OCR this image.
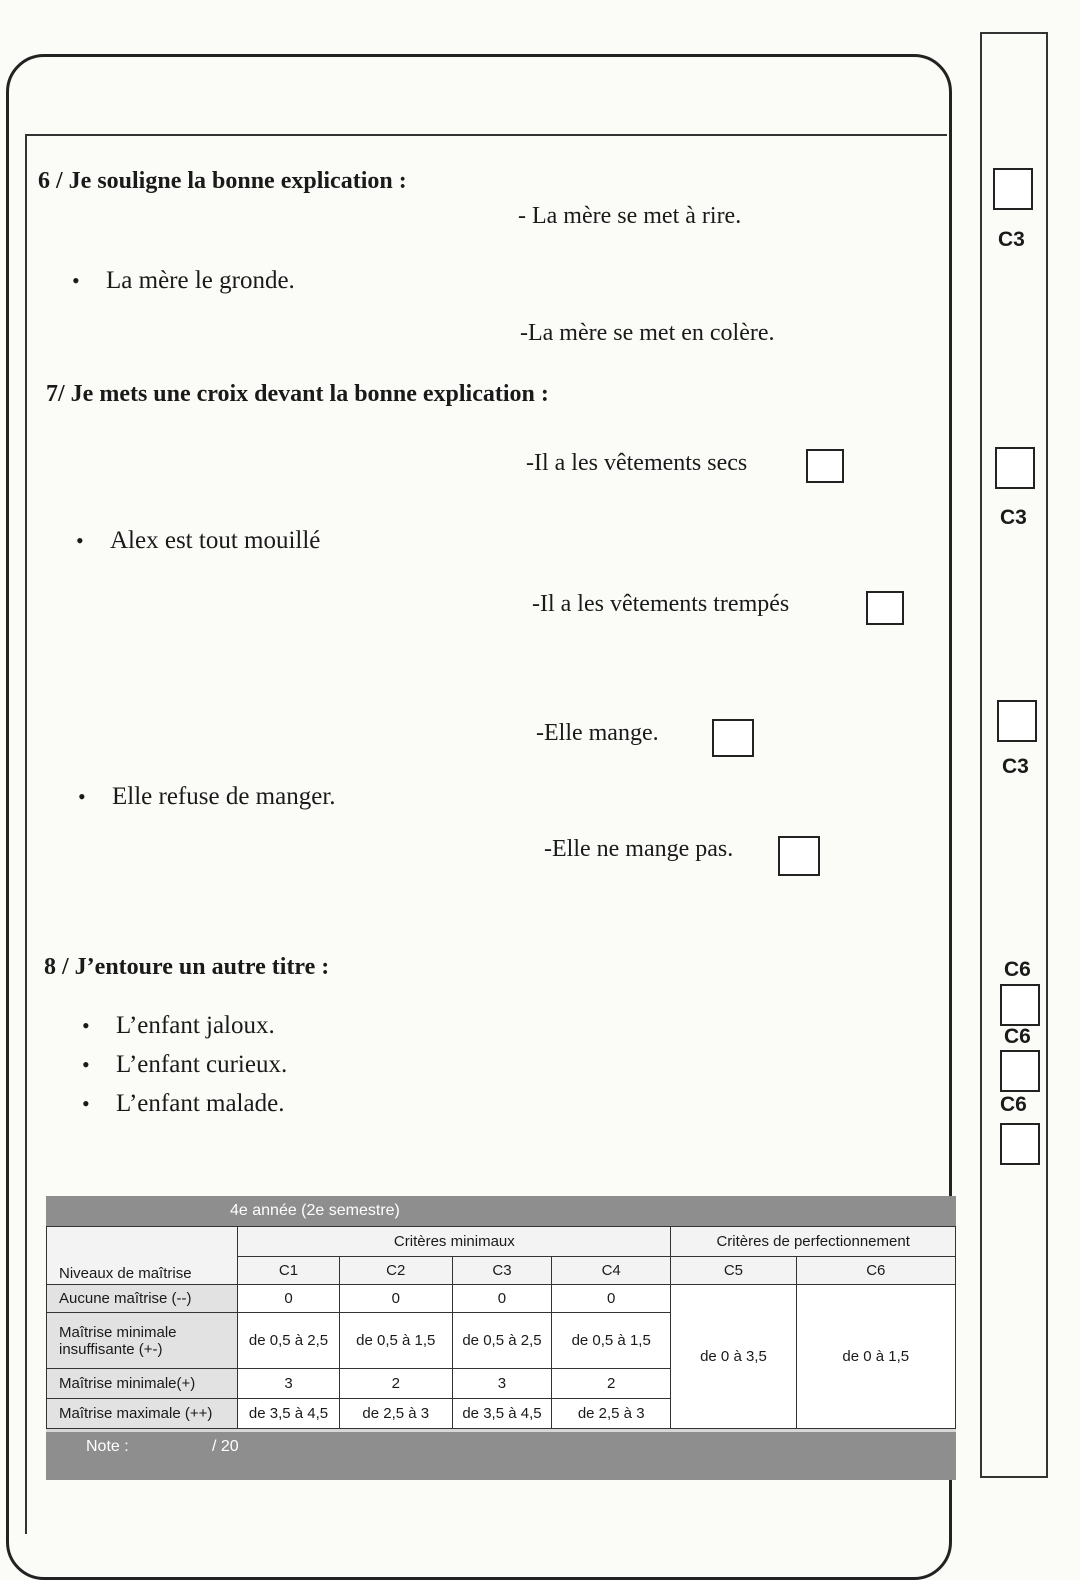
6 / Je souligne la bonne explication :
- La mère se met à rire.
• La mère le gronde.
-La mère se met en colère.
7/ Je mets une croix devant la bonne explication :
-Il a les vêtements secs
• Alex est tout mouillé
-Il a les vêtements trempés
-Elle mange.
• Elle refuse de manger.
-Elle ne mange pas.
8 / J’entoure un autre titre :
• L’enfant jaloux.
• L’enfant curieux.
• L’enfant malade.
C3
C3
C3
C6
C6
C6
4e année (2e semestre)
Niveaux de maîtrise	Critères minimaux				Critères de perfectionnement	
	C1	C2	C3	C4	C5	C6
Aucune maîtrise (--)	0	0	0	0	de 0 à 3,5	de 0 à 1,5
Maîtrise minimale insuffisante (+-)	de 0,5 à 2,5	de 0,5 à 1,5	de 0,5 à 2,5	de 0,5 à 1,5		
Maîtrise minimale(+)	3	2	3	2		
Maîtrise maximale (++)	de 3,5 à 4,5	de 2,5 à 3	de 3,5 à 4,5	de 2,5 à 3		
Note :	/ 20
